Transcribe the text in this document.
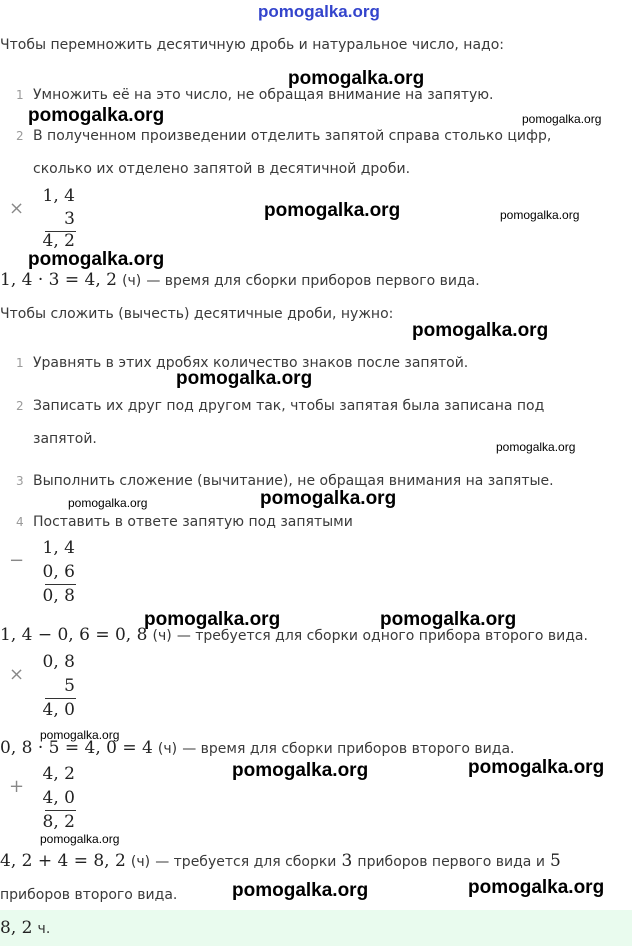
pomogalka.org
Чтобы перемножить десятичную дробь и натуральное число, надо:
1 Умножить её на это число, не обращая внимание на запятую.
2 В полученном произведении отделить запятой справа столько цифр,
сколько их отделено запятой в десятичной дроби.
×
1, 4
3
4, 2
1, 4 · 3 = 4, 2 (ч) — время для сборки приборов первого вида.
Чтобы сложить (вычесть) десятичные дроби, нужно:
1 Уравнять в этих дробях количество знаков после запятой.
2 Записать их друг под другом так, чтобы запятая была записана под
запятой.
3 Выполнить сложение (вычитание), не обращая внимания на запятые.
4 Поставить в ответе запятую под запятыми
−
1, 4
0, 6
0, 8
1, 4 − 0, 6 = 0, 8 (ч) — требуется для сборки одного прибора второго вида.
×
0, 8
5
4, 0
0, 8 · 5 = 4, 0 = 4 (ч) — время для сборки приборов второго вида.
+
4, 2
4, 0
8, 2
4, 2 + 4 = 8, 2 (ч) — требуется для сборки 3 приборов первого вида и 5
приборов второго вида.
8, 2 ч.
pomogalka.org
pomogalka.org	pomogalka.org
pomogalka.org	pomogalka.org
pomogalka.org
pomogalka.org
pomogalka.org
pomogalka.org
pomogalka.org
pomogalka.org
pomogalka.org	pomogalka.org
pomogalka.org
pomogalka.org	pomogalka.org
pomogalka.org
pomogalka.org	pomogalka.org
